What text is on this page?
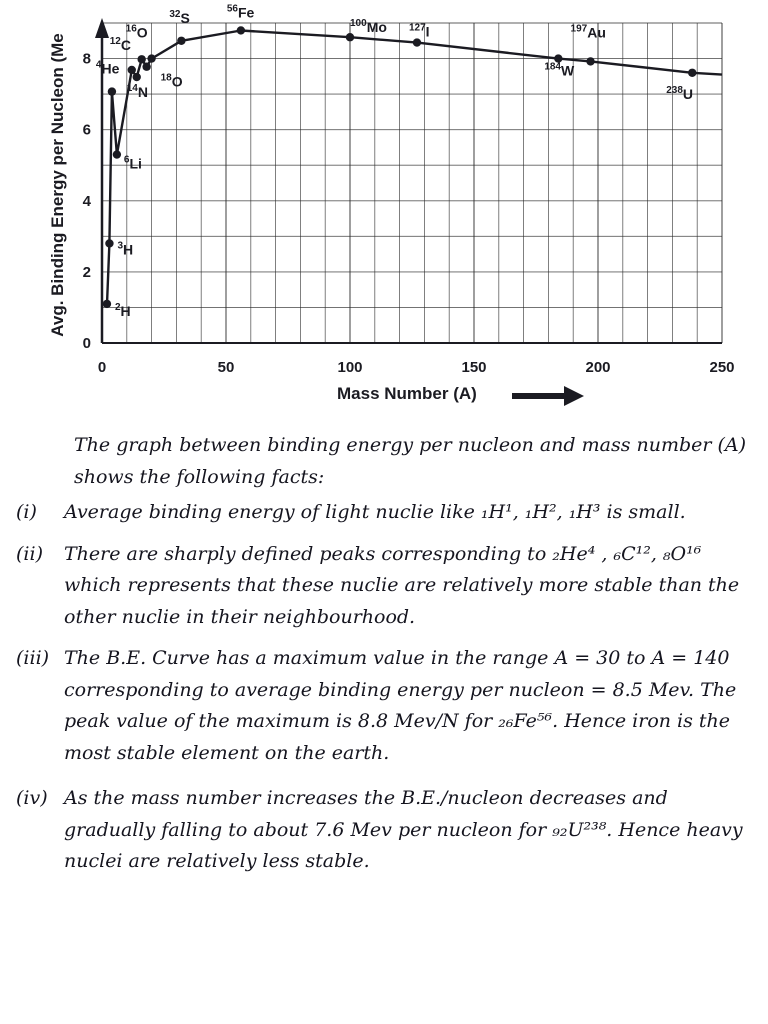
0	50	100	150	200	250
0
2
4
6
8
$^2$H
$^3$H
$^4$He
$^6$Li
$^{12}$C
$^{14}$N
$^{16}$O
$^{18}$O
$^{32}$S
$^{56}$Fe
$^{100}$Mo $^{127}$I
$^{184}$W
$^{197}$Au
$^{238}$U
Avg. Binding Energy per Nucleon (Me
Mass Number (A)

The graph between binding energy per nucleon and mass number (A) shows the following facts:

(i)	Average binding energy of light nuclie like ₁H¹, ₁H², ₁H³ is small.
(ii)	There are sharply defined peaks corresponding to ₂He⁴ , ₆C¹², ₈O¹⁶ which represents that these nuclie are relatively more stable than the other nuclie in their neighbourhood.
(iii) The B.E. Curve has a maximum value in the range A = 30 to A = 140 corresponding to average binding energy per nucleon = 8.5 Mev. The peak value of the maximum is 8.8 Mev/N for ₂₆Fe⁵⁶. Hence iron is the most stable element on the earth.
(iv) As the mass number increases the B.E./nucleon decreases and gradually falling to about 7.6 Mev per nucleon for ₉₂U²³⁸. Hence heavy nuclei are relatively less stable.
